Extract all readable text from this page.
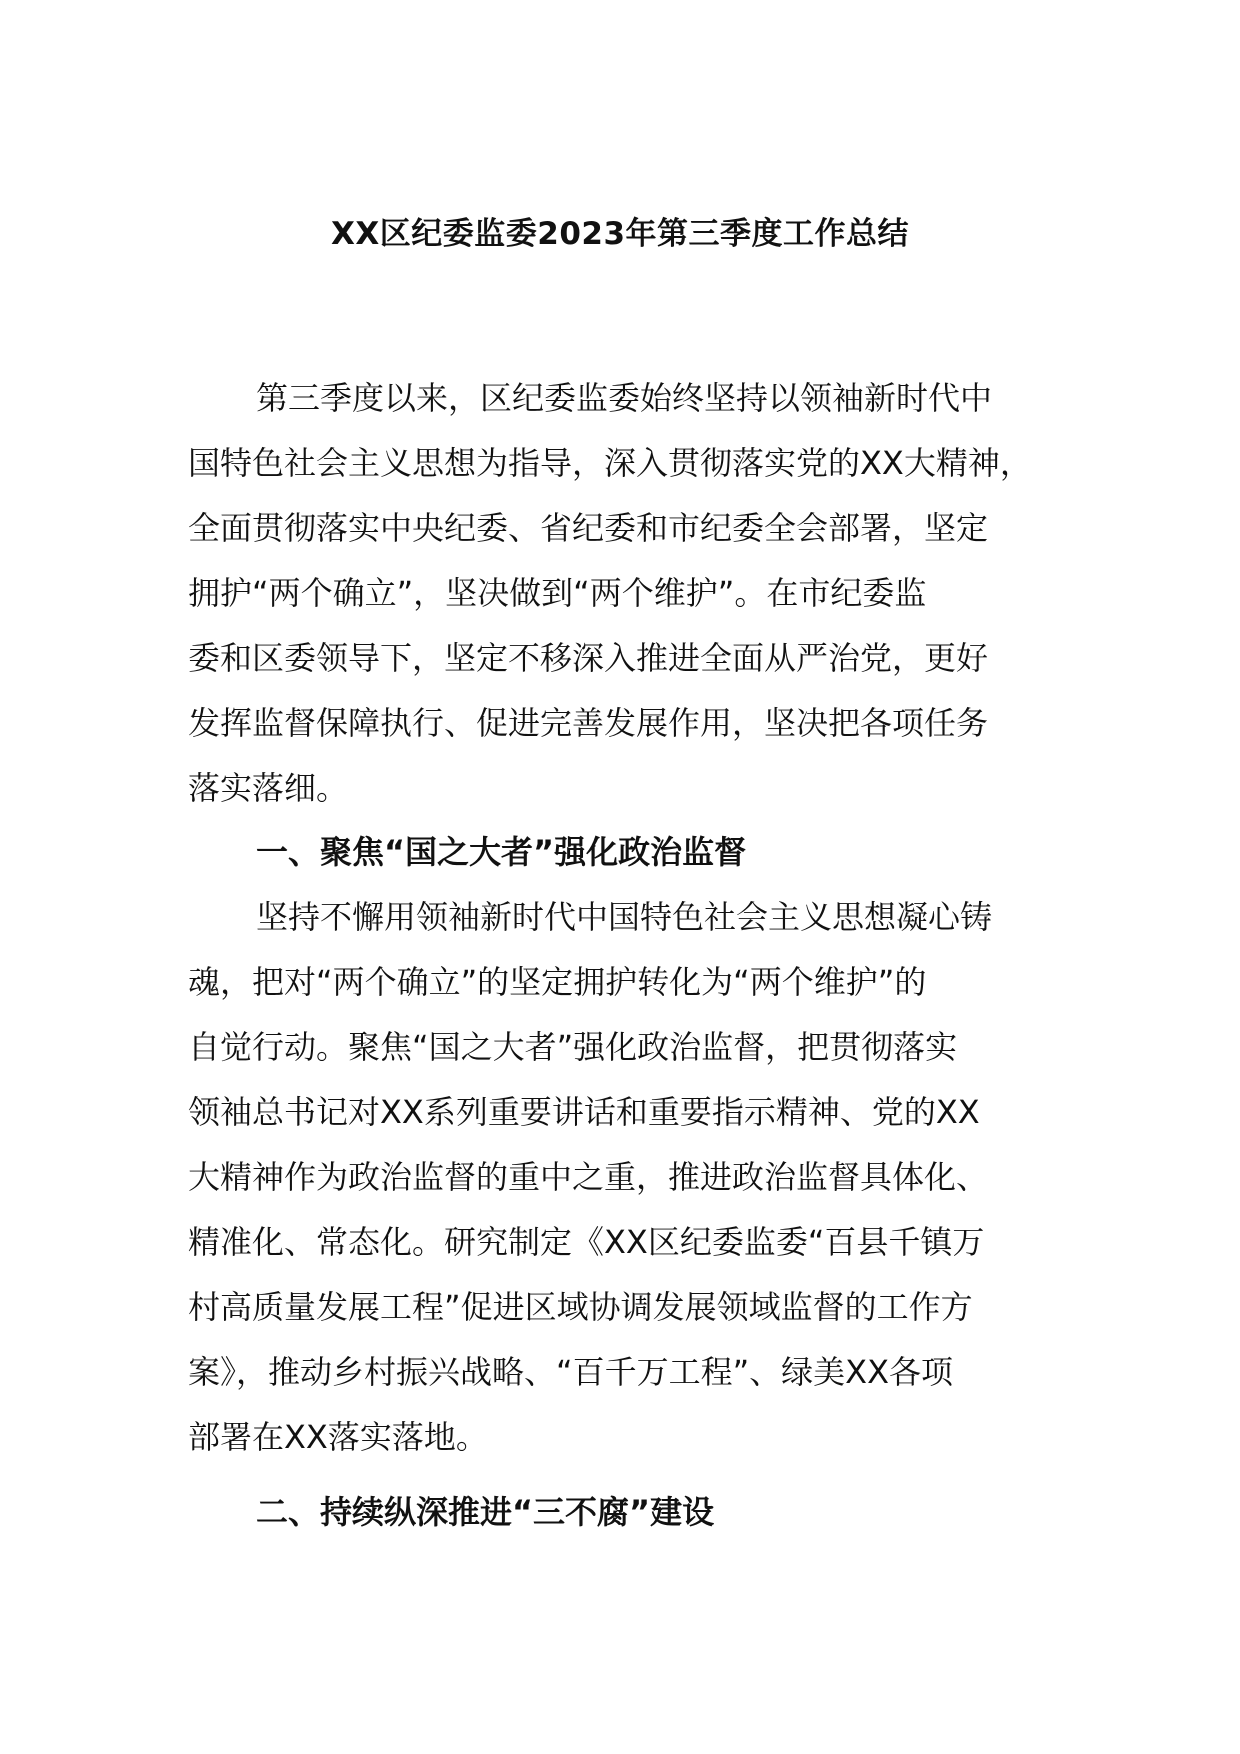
XX区纪委监委2023年第三季度工作总结
第三季度以来，区纪委监委始终坚持以领袖新时代中
国特色社会主义思想为指导，深入贯彻落实党的XX大精神，
全面贯彻落实中央纪委、省纪委和市纪委全会部署，坚定
拥护“两个确立”，坚决做到“两个维护”。在市纪委监
委和区委领导下，坚定不移深入推进全面从严治党，更好
发挥监督保障执行、促进完善发展作用，坚决把各项任务
落实落细。
一、聚焦“国之大者”强化政治监督
坚持不懈用领袖新时代中国特色社会主义思想凝心铸
魂，把对“两个确立”的坚定拥护转化为“两个维护”的
自觉行动。聚焦“国之大者”强化政治监督，把贯彻落实
领袖总书记对XX系列重要讲话和重要指示精神、党的XX
大精神作为政治监督的重中之重，推进政治监督具体化、
精准化、常态化。研究制定《XX区纪委监委“百县千镇万
村高质量发展工程”促进区域协调发展领域监督的工作方
案》，推动乡村振兴战略、“百千万工程”、绿美XX各项
部署在XX落实落地。
二、持续纵深推进“三不腐”建设
